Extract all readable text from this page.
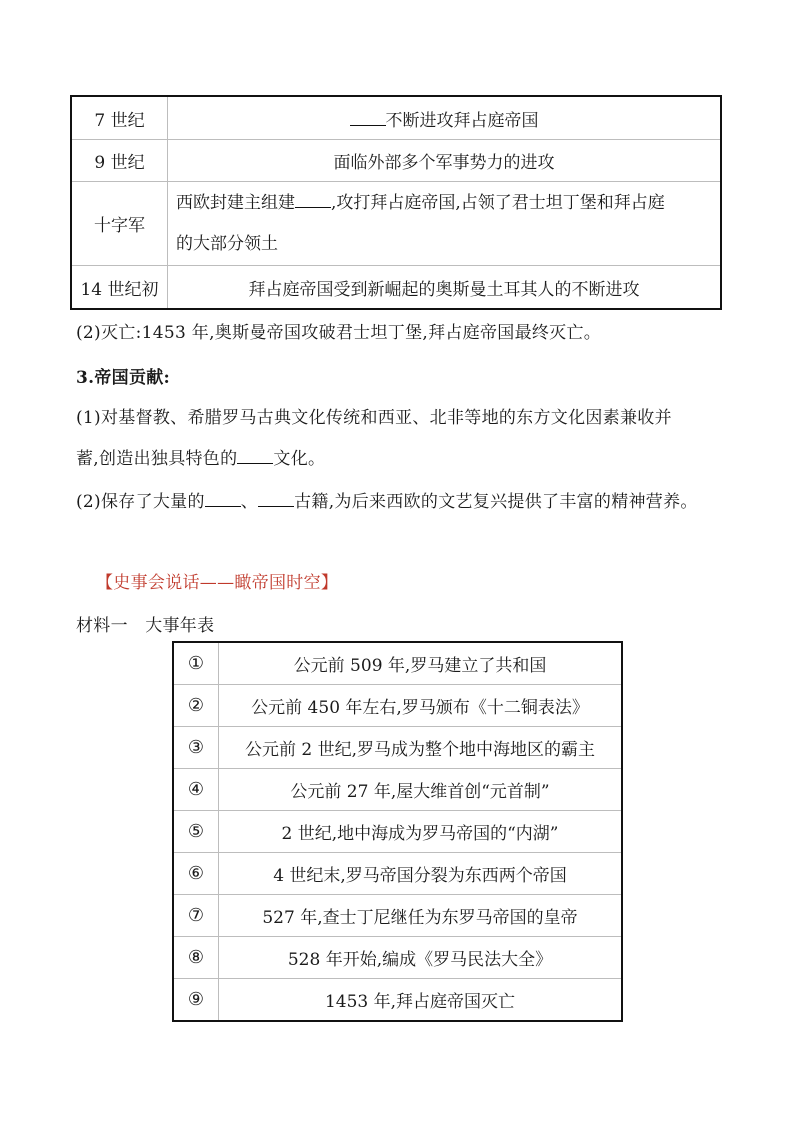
7 世纪	不断进攻拜占庭帝国
9 世纪	面临外部多个军事势力的进攻
十字军	西欧封建主组建 ,攻打拜占庭帝国,占领了君士坦丁堡和拜占庭
的大部分领土

14 世纪初	拜占庭帝国受到新崛起的奥斯曼土耳其人的不断进攻
(2)灭亡:1453 年,奥斯曼帝国攻破君士坦丁堡,拜占庭帝国最终灭亡。
3.帝国贡献:
(1)对基督教、希腊罗马古典文化传统和西亚、北非等地的东方文化因素兼收并
蓄,创造出独具特色的 文化。
(2)保存了大量的 、 古籍,为后来西欧的文艺复兴提供了丰富的精神营养。
【史事会说话——瞰帝国时空】
材料一　大事年表
①	公元前 509 年,罗马建立了共和国
②	公元前 450 年左右,罗马颁布《十二铜表法》
③	公元前 2 世纪,罗马成为整个地中海地区的霸主
④	公元前 27 年,屋大维首创“元首制”
⑤	2 世纪,地中海成为罗马帝国的“内湖”
⑥	4 世纪末,罗马帝国分裂为东西两个帝国
⑦	527 年,查士丁尼继任为东罗马帝国的皇帝
⑧	528 年开始,编成《罗马民法大全》
⑨	1453 年,拜占庭帝国灭亡
